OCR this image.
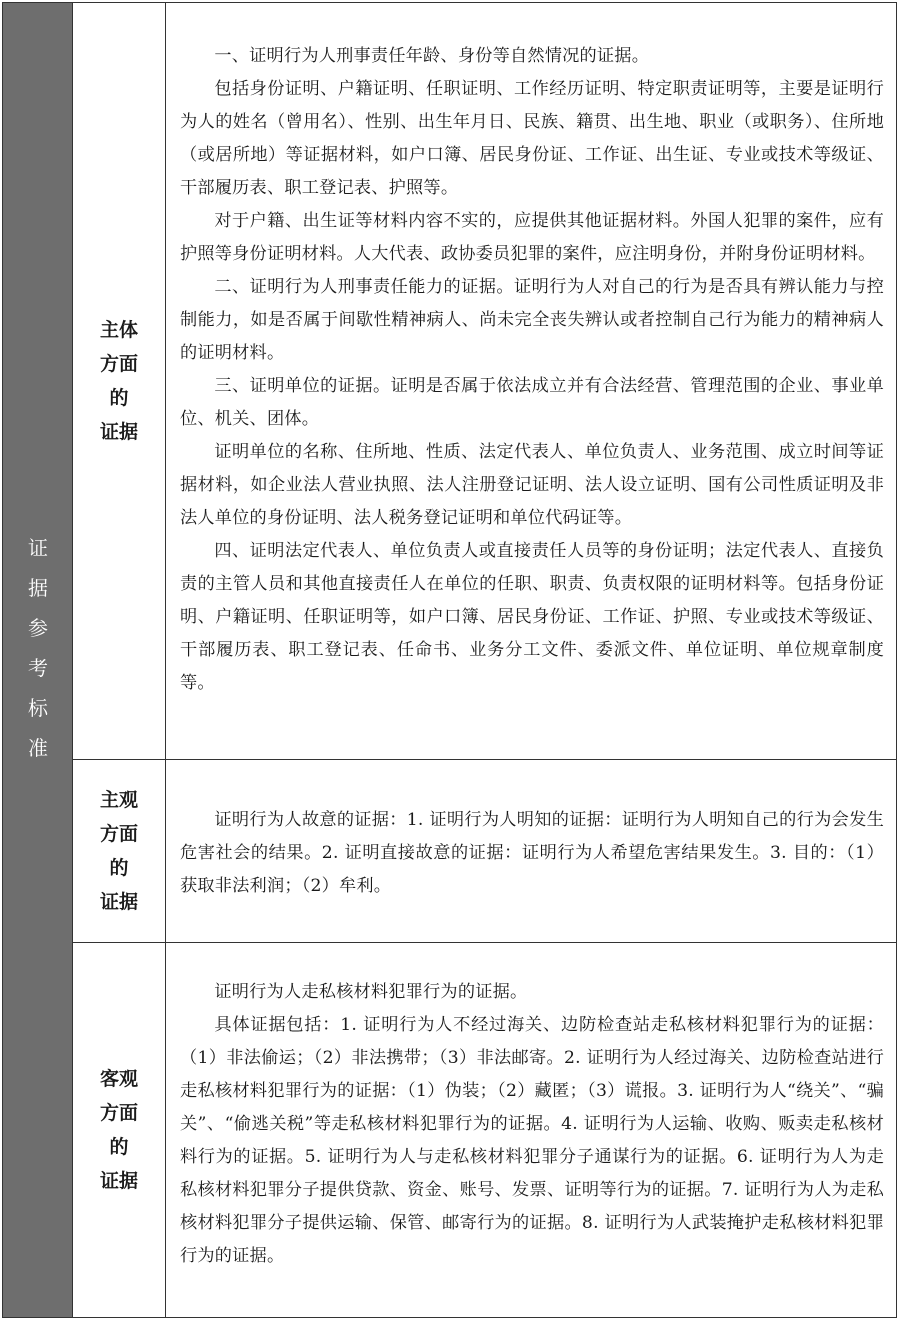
证
据
参
考
标
准
主体
方面
的
证据

一、证明行为人刑事责任年龄、身份等自然情况的证据。

包括身份证明、户籍证明、任职证明、工作经历证明、特定职责证明等，主要是证明行为人的姓名（曾用名）、性别、出生年月日、民族、籍贯、出生地、职业（或职务）、住所地（或居所地）等证据材料，如户口簿、居民身份证、工作证、出生证、专业或技术等级证、干部履历表、职工登记表、护照等。

对于户籍、出生证等材料内容不实的，应提供其他证据材料。外国人犯罪的案件，应有护照等身份证明材料。人大代表、政协委员犯罪的案件，应注明身份，并附身份证明材料。

二、证明行为人刑事责任能力的证据。证明行为人对自己的行为是否具有辨认能力与控制能力，如是否属于间歇性精神病人、尚未完全丧失辨认或者控制自己行为能力的精神病人的证明材料。

三、证明单位的证据。证明是否属于依法成立并有合法经营、管理范围的企业、事业单位、机关、团体。

证明单位的名称、住所地、性质、法定代表人、单位负责人、业务范围、成立时间等证据材料，如企业法人营业执照、法人注册登记证明、法人设立证明、国有公司性质证明及非法人单位的身份证明、法人税务登记证明和单位代码证等。

四、证明法定代表人、单位负责人或直接责任人员等的身份证明；法定代表人、直接负责的主管人员和其他直接责任人在单位的任职、职责、负责权限的证明材料等。包括身份证明、户籍证明、任职证明等，如户口簿、居民身份证、工作证、护照、专业或技术等级证、干部履历表、职工登记表、任命书、业务分工文件、委派文件、单位证明、单位规章制度等。

主观
方面
的
证据

证明行为人故意的证据：1. 证明行为人明知的证据：证明行为人明知自己的行为会发生危害社会的结果。2. 证明直接故意的证据：证明行为人希望危害结果发生。3. 目的：（1）获取非法利润；（2）牟利。

客观
方面
的
证据

证明行为人走私核材料犯罪行为的证据。

具体证据包括：1. 证明行为人不经过海关、边防检查站走私核材料犯罪行为的证据：（1）非法偷运；（2）非法携带；（3）非法邮寄。2. 证明行为人经过海关、边防检查站进行走私核材料犯罪行为的证据：（1）伪装；（2）藏匿；（3）谎报。3. 证明行为人“绕关”、“骗关”、“偷逃关税”等走私核材料犯罪行为的证据。4. 证明行为人运输、收购、贩卖走私核材料行为的证据。5. 证明行为人与走私核材料犯罪分子通谋行为的证据。6. 证明行为人为走私核材料犯罪分子提供贷款、资金、账号、发票、证明等行为的证据。7. 证明行为人为走私核材料犯罪分子提供运输、保管、邮寄行为的证据。8. 证明行为人武装掩护走私核材料犯罪行为的证据。
